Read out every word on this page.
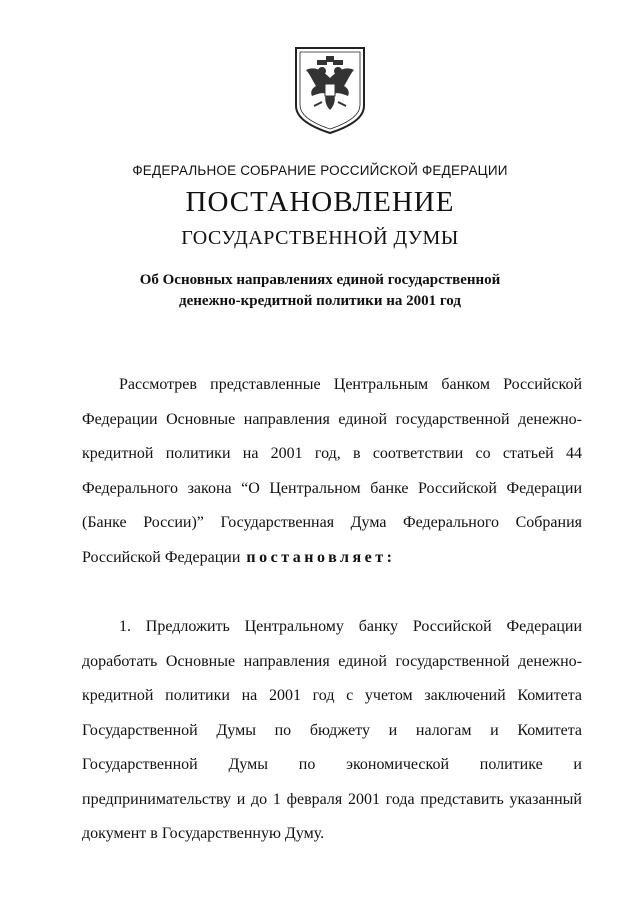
ФЕДЕРАЛЬНОЕ СОБРАНИЕ РОССИЙСКОЙ ФЕДЕРАЦИИ
ПОСТАНОВЛЕНИЕ
ГОСУДАРСТВЕННОЙ ДУМЫ
Об Основных направлениях единой государственной
денежно-кредитной политики на 2001 год
Рассмотрев представленные Центральным банком Российской
Федерации Основные направления единой государственной денежно-
кредитной политики на 2001 год, в соответствии со статьей 44
Федерального закона “О Центральном банке Российской Федерации
(Банке России)” Государственная Дума Федерального Собрания
Российской Федерации постановляет:
1. Предложить Центральному банку Российской Федерации
доработать Основные направления единой государственной денежно-
кредитной политики на 2001 год с учетом заключений Комитета
Государственной Думы по бюджету и налогам и Комитета
Государственной Думы по экономической политике и
предпринимательству и до 1 февраля 2001 года представить указанный
документ в Государственную Думу.
